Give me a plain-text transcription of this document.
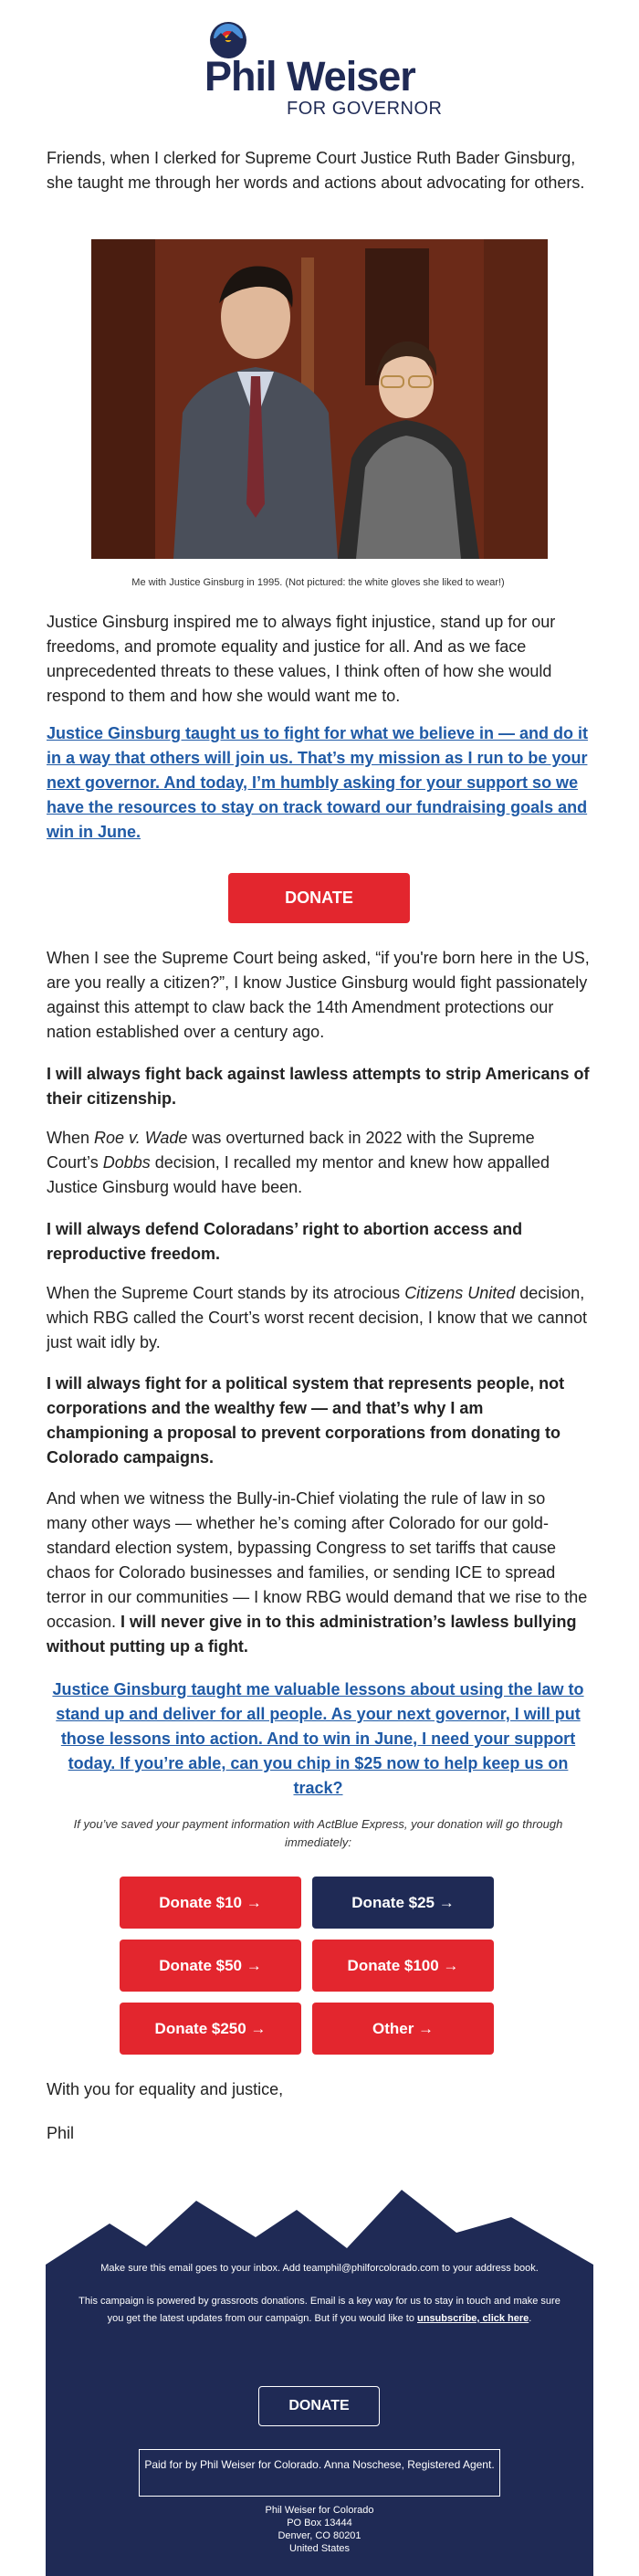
Phil Weiser
FOR GOVERNOR
Friends, when I clerked for Supreme Court Justice Ruth Bader Ginsburg, she taught me through her words and actions about advocating for others.
Me with Justice Ginsburg in 1995. (Not pictured: the white gloves she liked to wear!)
Justice Ginsburg inspired me to always fight injustice, stand up for our freedoms, and promote equality and justice for all. And as we face unprecedented threats to these values, I think often of how she would respond to them and how she would want me to.
Justice Ginsburg taught us to fight for what we believe in — and do it in a way that others will join us. That’s my mission as I run to be your next governor. And today, I’m humbly asking for your support so we have the resources to stay on track toward our fundraising goals and win in June.
DONATE
When I see the Supreme Court being asked, “if you're born here in the US, are you really a citizen?”, I know Justice Ginsburg would fight passionately against this attempt to claw back the 14th Amendment protections our nation established over a century ago.
I will always fight back against lawless attempts to strip Americans of their citizenship.
When Roe v. Wade was overturned back in 2022 with the Supreme Court’s Dobbs decision, I recalled my mentor and knew how appalled Justice Ginsburg would have been.
I will always defend Coloradans’ right to abortion access and reproductive freedom.
When the Supreme Court stands by its atrocious Citizens United decision, which RBG called the Court’s worst recent decision, I know that we cannot just wait idly by.
I will always fight for a political system that represents people, not corporations and the wealthy few — and that’s why I am championing a proposal to prevent corporations from donating to Colorado campaigns.
And when we witness the Bully-in-Chief violating the rule of law in so many other ways — whether he’s coming after Colorado for our gold-standard election system, bypassing Congress to set tariffs that cause chaos for Colorado businesses and families, or sending ICE to spread terror in our communities — I know RBG would demand that we rise to the occasion. I will never give in to this administration’s lawless bullying without putting up a fight.
Justice Ginsburg taught me valuable lessons about using the law to stand up and deliver for all people. As your next governor, I will put those lessons into action. And to win in June, I need your support today. If you’re able, can you chip in $25 now to help keep us on track?
If you’ve saved your payment information with ActBlue Express, your donation will go through immediately:
Donate $10 →	Donate $25 →
Donate $50 →	Donate $100 →
Donate $250 →	Other →
With you for equality and justice,
Phil
Make sure this email goes to your inbox. Add teamphil@philforcolorado.com to your address book.
This campaign is powered by grassroots donations. Email is a key way for us to stay in touch and make sure you get the latest updates from our campaign. But if you would like to unsubscribe, click here.
DONATE
Paid for by Phil Weiser for Colorado. Anna Noschese, Registered Agent.
Phil Weiser for Colorado
PO Box 13444
Denver, CO 80201
United States
